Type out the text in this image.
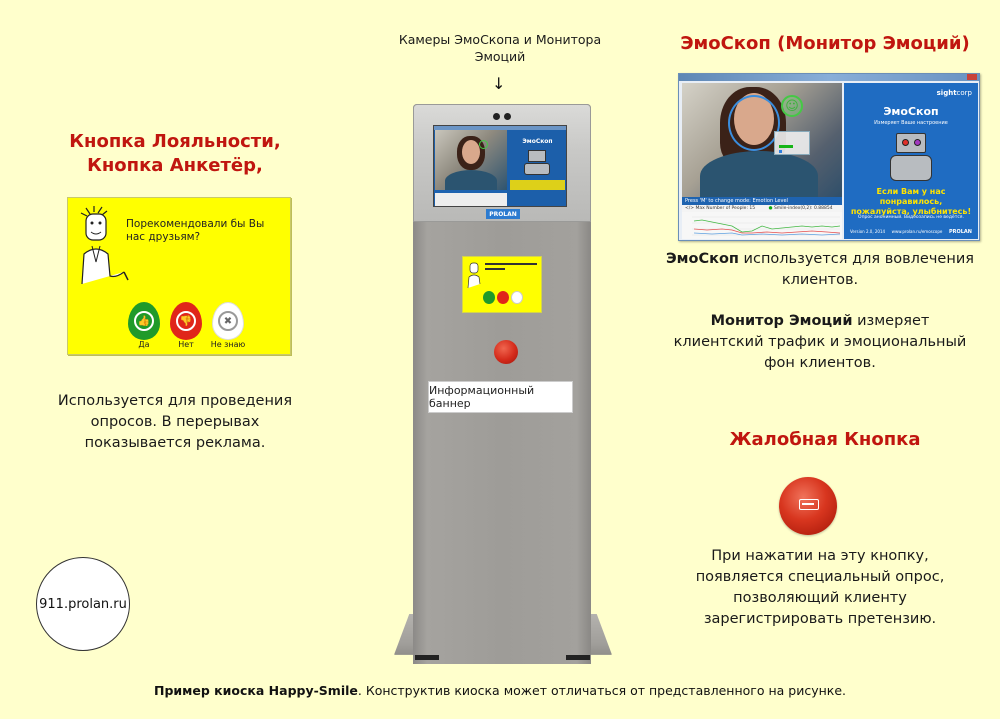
Кнопка Лояльности,
Кнопка Анкетёр,
Порекомендовали бы Вы нас друзьям?
👍
Да
👎
Нет
✖
Не знаю
Используется для проведения
опросов. В перерывах
показывается реклама.
911.prolan.ru
Камеры ЭмоСкопа и Монитора
Эмоций
↓
ЭмоСкоп
PROLAN
Информационный баннер
ЭмоСкоп (Монитор Эмоций)
☺
Press 'M' to change mode: Emotion Level
</> Max Number of People: 15	● Smile-index(0,2): 0.88854
sightcorp
ЭмоСкоп
Измеряет Ваше настроение
Если Вам у нас понравилось,
пожалуйста, улыбнитесь!
Опрос анонимный. Видеозапись не ведётся.
Version 2.0, 2014 www.prolan.ru/emoscope PROLAN
ЭмоСкоп используется для вовлечения
клиентов.
Монитор Эмоций измеряет
клиентский трафик и эмоциональный
фон клиентов.
Жалобная Кнопка
При нажатии на эту кнопку,
появляется специальный опрос,
позволяющий клиенту
зарегистрировать претензию.
Пример киоска Happy-Smile. Конструктив киоска может отличаться от представленного на рисунке.
